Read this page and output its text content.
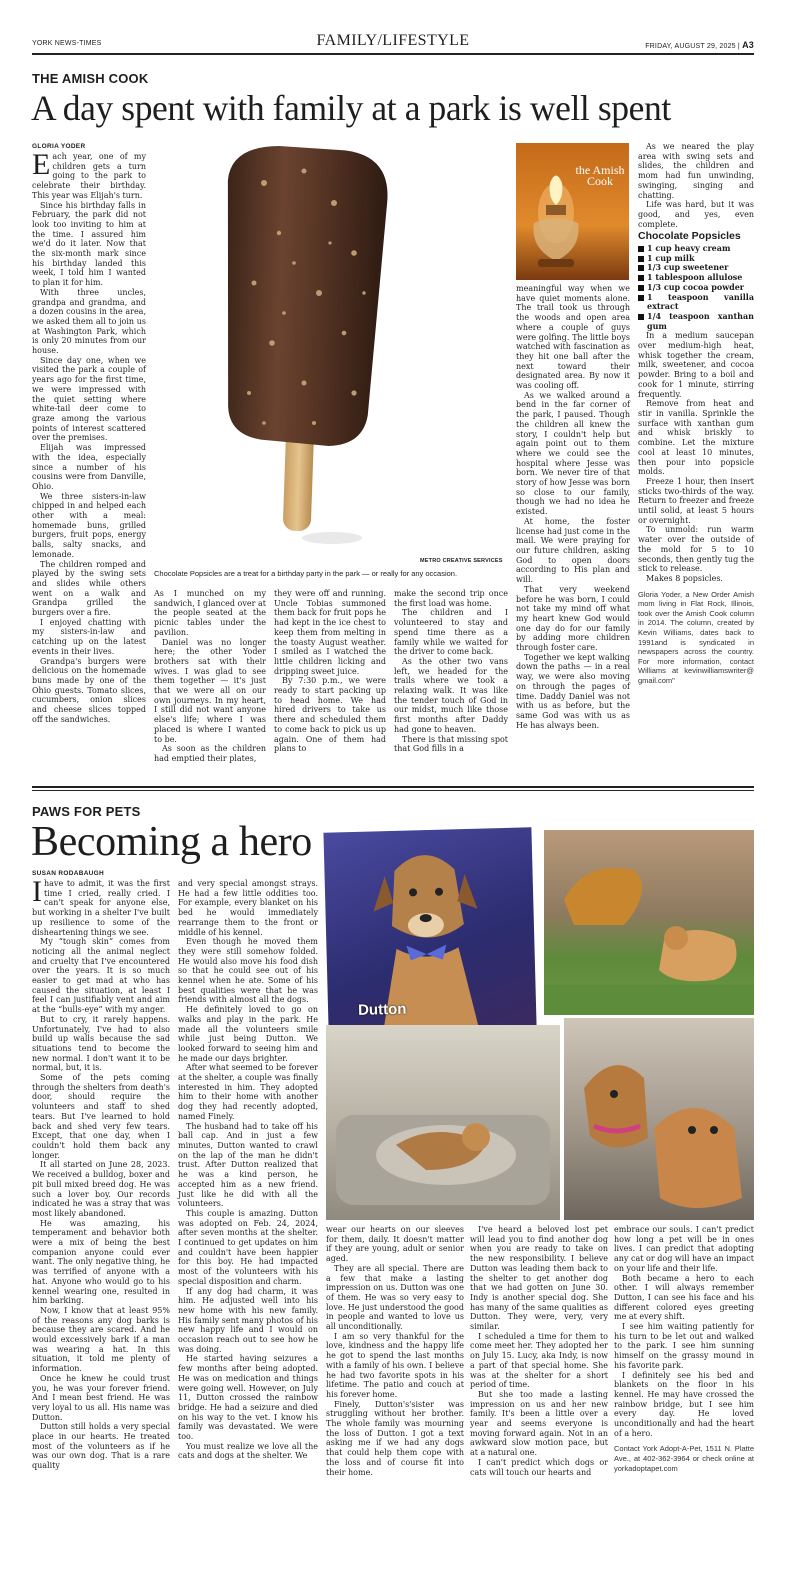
YORK NEWS-TIMES	FAMILY/LIFESTYLE	FRIDAY, AUGUST 29, 2025 | A3
THE AMISH COOK
A day spent with family at a park is well spent
GLORIA YODER

Each year, one of my children gets a turn going to the park to celebrate their birthday. This year was Elijah's turn.

Since his birthday falls in February, the park did not look too inviting to him at the time. I assured him we'd do it later. Now that the six-month mark since his birthday landed this week, I told him I wanted to plan it for him.

With three uncles, grandpa and grandma, and a dozen cousins in the area, we asked them all to join us at Washington Park, which is only 20 minutes from our house.

Since day one, when we visited the park a couple of years ago for the first time, we were impressed with the quiet setting where white-tail deer come to graze among the various points of interest scattered over the premises.

Elijah was impressed with the idea, especially since a number of his cousins were from Danville, Ohio.

We three sisters-in-law chipped in and helped each other with a meal: homemade buns, grilled burgers, fruit pops, energy balls, salty snacks, and lemonade.

The children romped and played by the swing sets and slides while others went on a walk and Grandpa grilled the burgers over a fire.

I enjoyed chatting with my sisters-in-law and catching up on the latest events in their lives.

Grandpa's burgers were delicious on the homemade buns made by one of the Ohio guests. Tomato slices, cucumbers, onion slices and cheese slices topped off the sandwiches.

METRO CREATIVE SERVICES
Chocolate Popsicles are a treat for a birthday party in the park — or really for any occasion.

As I munched on my sandwich, I glanced over at the people seated at the picnic tables under the pavilion.

Daniel was no longer here; the other Yoder brothers sat with their wives. I was glad to see them together — it's just that we were all on our own journeys. In my heart, I still did not want anyone else's life; where I was placed is where I wanted to be.

As soon as the children had emptied their plates,

they were off and running. Uncle Tobias summoned them back for fruit pops he had kept in the ice chest to keep them from melting in the toasty August weather. I smiled as I watched the little children licking and dripping sweet juice.

By 7:30 p.m., we were ready to start packing up to head home. We had hired drivers to take us there and scheduled them to come back to pick us up again. One of them had plans to

make the second trip once the first load was home.

The children and I volunteered to stay and spend time there as a family while we waited for the driver to come back.

As the other two vans left, we headed for the trails where we took a relaxing walk. It was like the tender touch of God in our midst, much like those first months after Daddy had gone to heaven.

There is that missing spot that God fills in a

the Amish Cook

meaningful way when we have quiet moments alone. The trail took us through the woods and open area where a couple of guys were golfing. The little boys watched with fascination as they hit one ball after the next toward their designated area. By now it was cooling off.

As we walked around a bend in the far corner of the park, I paused. Though the children all knew the story, I couldn't help but again point out to them where we could see the hospital where Jesse was born. We never tire of that story of how Jesse was born so close to our family, though we had no idea he existed.

At home, the foster license had just come in the mail. We were praying for our future children, asking God to open doors according to His plan and will.

That very weekend before he was born, I could not take my mind off what my heart knew God would one day do for our family by adding more children through foster care.

Together we kept walking down the paths — in a real way, we were also moving on through the pages of time. Daddy Daniel was not with us as before, but the same God was with us as He has always been.

As we neared the play area with swing sets and slides, the children and mom had fun unwinding, swinging, singing and chatting.

Life was hard, but it was good, and yes, even complete.

Chocolate Popsicles
1 cup heavy cream
1 cup milk
1/3 cup sweetener
1 tablespoon allulose
1/3 cup cocoa powder
1 teaspoon vanilla extract
1/4 teaspoon xanthan gum

In a medium saucepan over medium-high heat, whisk together the cream, milk, sweetener, and cocoa powder. Bring to a boil and cook for 1 minute, stirring frequently.

Remove from heat and stir in vanilla. Sprinkle the surface with xanthan gum and whisk briskly to combine. Let the mixture cool at least 10 minutes, then pour into popsicle molds.

Freeze 1 hour, then insert sticks two-thirds of the way. Return to freezer and freeze until solid, at least 5 hours or overnight.

To unmold: run warm water over the outside of the mold for 5 to 10 seconds, then gently tug the stick to release.

Makes 8 popsicles.

Gloria Yoder, a New Order Amish mom living in Flat Rock, Illinois, took over the Amish Cook column in 2014. The column, created by Kevin Williams, dates back to 1991and is syndicated in newspapers across the country. For more information, contact Williams at kevinwilliamswriter@ gmail.com"
PAWS FOR PETS
Becoming a hero
SUSAN RODABAUGH

Ihave to admit, it was the first time I cried, really cried. I can't speak for anyone else, but working in a shelter I've built up resilience to some of the disheartening things we see.

My “tough skin” comes from noticing all the animal neglect and cruelty that I've encountered over the years. It is so much easier to get mad at who has caused the situation, at least I feel I can justifiably vent and aim at the “bulls-eye” with my anger.

But to cry, it rarely happens. Unfortunately, I've had to also build up walls because the sad situations tend to become the new normal. I don't want it to be normal, but, it is.

Some of the pets coming through the shelters from death's door, should require the volunteers and staff to shed tears. But I've learned to hold back and shed very few tears. Except, that one day, when I couldn't hold them back any longer.

It all started on June 28, 2023. We received a bulldog, boxer and pit bull mixed breed dog. He was such a lover boy. Our records indicated he was a stray that was most likely abandoned.

He was amazing, his temperament and behavior both were a mix of being the best companion anyone could ever want. The only negative thing, he was terrified of anyone with a hat. Anyone who would go to his kennel wearing one, resulted in him barking.

Now, I know that at least 95% of the reasons any dog barks is because they are scared. And he would excessively bark if a man was wearing a hat. In this situation, it told me plenty of information.

Once he knew he could trust you, he was your forever friend. And I mean best friend. He was very loyal to us all. His name was Dutton.

Dutton still holds a very special place in our hearts. He treated most of the volunteers as if he was our own dog. That is a rare quality

and very special amongst strays. He had a few little oddities too. For example, every blanket on his bed he would immediately rearrange them to the front or middle of his kennel.

Even though he moved them they were still somehow folded. He would also move his food dish so that he could see out of his kennel when he ate. Some of his best qualities were that he was friends with almost all the dogs.

He definitely loved to go on walks and play in the park. He made all the volunteers smile while just being Dutton. We looked forward to seeing him and he made our days brighter.

After what seemed to be forever at the shelter, a couple was finally interested in him. They adopted him to their home with another dog they had recently adopted, named Finely.

The husband had to take off his ball cap. And in just a few minutes, Dutton wanted to crawl on the lap of the man he didn't trust. After Dutton realized that he was a kind person, he accepted him as a new friend. Just like he did with all the volunteers.

This couple is amazing. Dutton was adopted on Feb. 24, 2024, after seven months at the shelter. I continued to get updates on him and couldn't have been happier for this boy. He had impacted most of the volunteers with his special disposition and charm.

If any dog had charm, it was him. He adjusted well into his new home with his new family. His family sent many photos of his new happy life and I would on occasion reach out to see how he was doing.

He started having seizures a few months after being adopted. He was on medication and things were going well. However, on July 11, Dutton crossed the rainbow bridge. He had a seizure and died on his way to the vet. I know his family was devastated. We were too.

You must realize we love all the cats and dogs at the shelter. We

Dutton

wear our hearts on our sleeves for them, daily. It doesn't matter if they are young, adult or senior aged.

They are all special. There are a few that make a lasting impression on us. Dutton was one of them. He was so very easy to love. He just understood the good in people and wanted to love us all unconditionally.

I am so very thankful for the love, kindness and the happy life he got to spend the last months with a family of his own. I believe he had two favorite spots in his lifetime. The patio and couch at his forever home.

Finely, Dutton's'sister was struggling without her brother. The whole family was mourning the loss of Dutton. I got a text asking me if we had any dogs that could help them cope with the loss and of course fit into their home.

I've heard a beloved lost pet will lead you to find another dog when you are ready to take on the new responsibility. I believe Dutton was leading them back to the shelter to get another dog that we had gotten on June 30. Indy is another special dog. She has many of the same qualities as Dutton. They were, very, very similar.

I scheduled a time for them to come meet her. They adopted her on July 15. Lucy, aka Indy, is now a part of that special home. She was at the shelter for a short period of time.

But she too made a lasting impression on us and her new family. It's been a little over a year and seems everyone is moving forward again. Not in an awkward slow motion pace, but at a natural one.

I can't predict which dogs or cats will touch our hearts and

embrace our souls. I can't predict how long a pet will be in ones lives. I can predict that adopting any cat or dog will have an impact on your life and their life.

Both became a hero to each other. I will always remember Dutton, I can see his face and his different colored eyes greeting me at every shift.

I see him waiting patiently for his turn to be let out and walked to the park. I see him sunning himself on the grassy mound in his favorite park.

I definitely see his bed and blankets on the floor in his kennel. He may have crossed the rainbow bridge, but I see him every day. He loved unconditionally and had the heart of a hero.

Contact York Adopt-A-Pet, 1511 N. Platte Ave., at 402-362-3964 or check online at yorkadoptapet.com
